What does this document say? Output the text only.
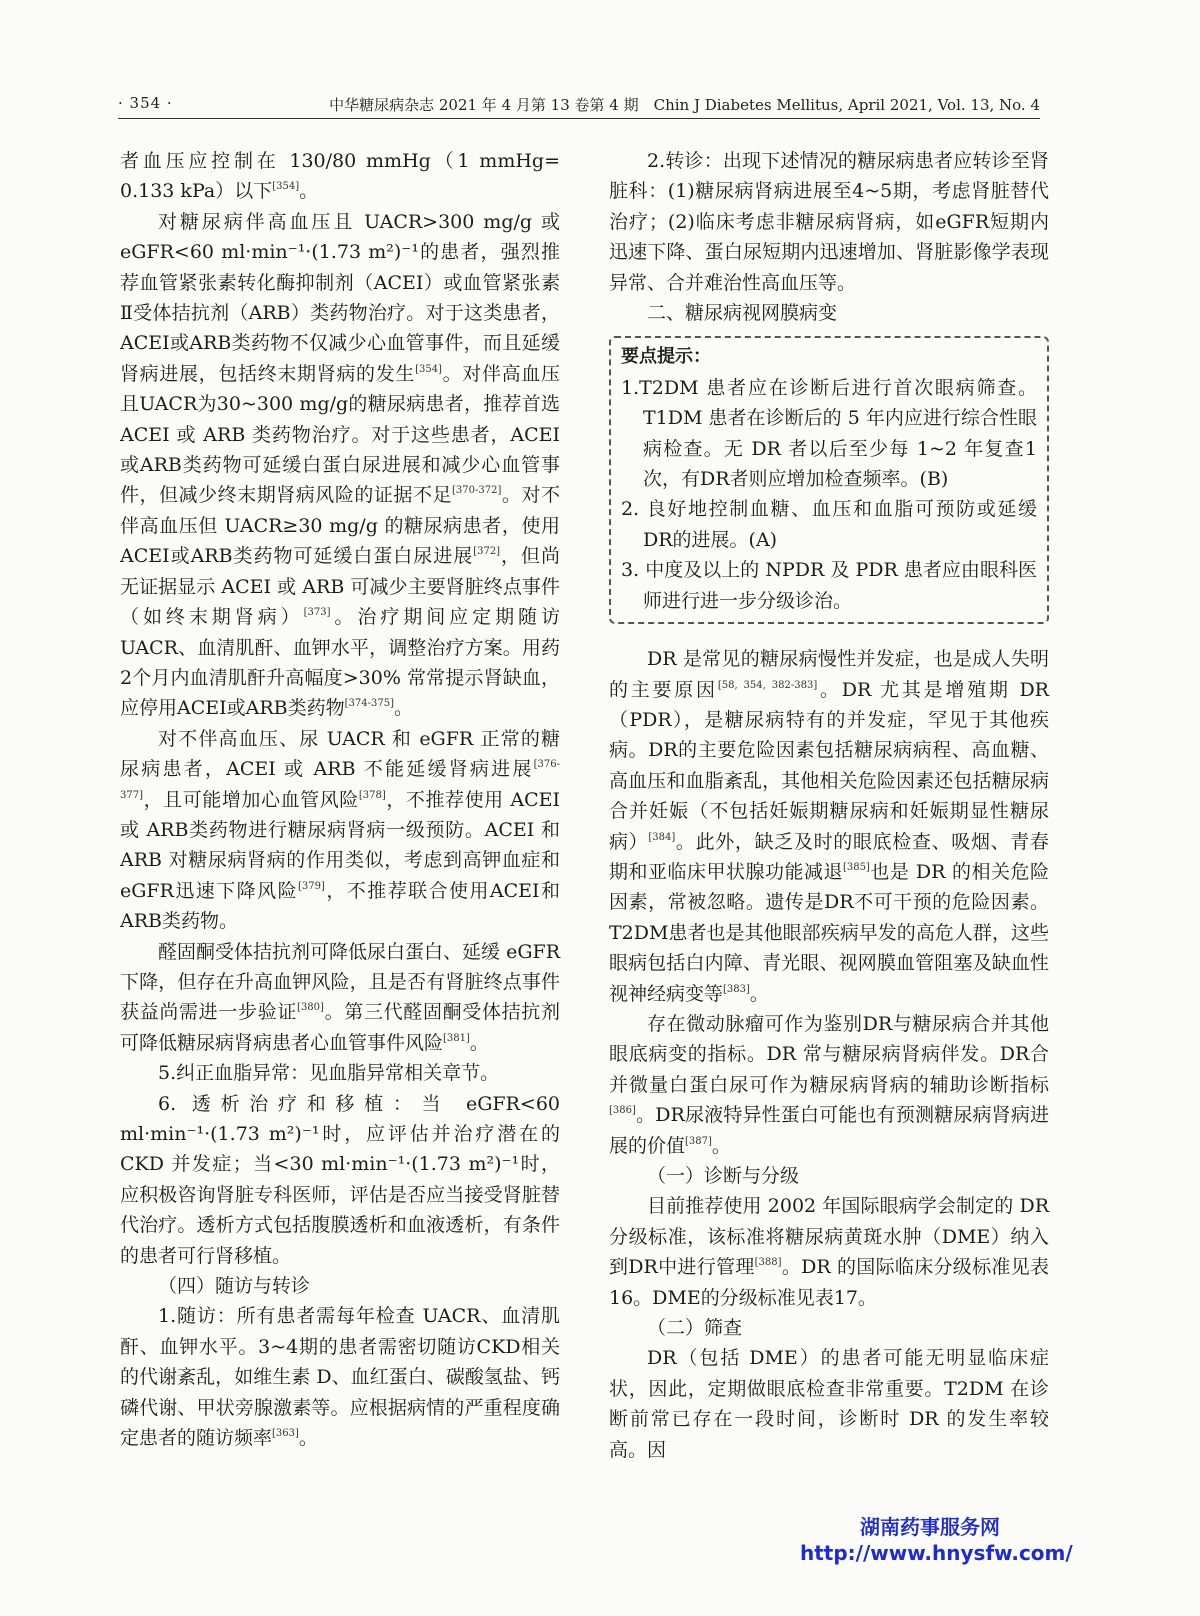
· 354 ·	中华糖尿病杂志 2021 年 4 月第 13 卷第 4 期　Chin J Diabetes Mellitus, April 2021, Vol. 13, No. 4

者血压应控制在 130/80 mmHg（1 mmHg= 0.133 kPa）以下[354]。

对糖尿病伴高血压且 UACR>300 mg/g 或 eGFR<60 ml·min⁻¹·(1.73 m²)⁻¹的患者，强烈推荐血管紧张素转化酶抑制剂（ACEI）或血管紧张素Ⅱ受体拮抗剂（ARB）类药物治疗。对于这类患者，ACEI或ARB类药物不仅减少心血管事件，而且延缓肾病进展，包括终末期肾病的发生[354]。对伴高血压且UACR为30~300 mg/g的糖尿病患者，推荐首选 ACEI 或 ARB 类药物治疗。对于这些患者，ACEI或ARB类药物可延缓白蛋白尿进展和减少心血管事件，但减少终末期肾病风险的证据不足[370-372]。对不伴高血压但 UACR≥30 mg/g 的糖尿病患者，使用ACEI或ARB类药物可延缓白蛋白尿进展[372]，但尚无证据显示 ACEI 或 ARB 可减少主要肾脏终点事件（如终末期肾病）[373]。治疗期间应定期随访 UACR、血清肌酐、血钾水平，调整治疗方案。用药2个月内血清肌酐升高幅度>30% 常常提示肾缺血，应停用ACEI或ARB类药物[374-375]。

对不伴高血压、尿 UACR 和 eGFR 正常的糖尿病患者，ACEI 或 ARB 不能延缓肾病进展[376-377]，且可能增加心血管风险[378]，不推荐使用 ACEI 或 ARB类药物进行糖尿病肾病一级预防。ACEI 和 ARB 对糖尿病肾病的作用类似，考虑到高钾血症和 eGFR迅速下降风险[379]，不推荐联合使用ACEI和ARB类药物。

醛固酮受体拮抗剂可降低尿白蛋白、延缓 eGFR下降，但存在升高血钾风险，且是否有肾脏终点事件获益尚需进一步验证[380]。第三代醛固酮受体拮抗剂可降低糖尿病肾病患者心血管事件风险[381]。

5.纠正血脂异常：见血脂异常相关章节。

6. 透析治疗和移植：当 eGFR<60 ml·min⁻¹·(1.73 m²)⁻¹时，应评估并治疗潜在的 CKD 并发症；当<30 ml·min⁻¹·(1.73 m²)⁻¹时，应积极咨询肾脏专科医师，评估是否应当接受肾脏替代治疗。透析方式包括腹膜透析和血液透析，有条件的患者可行肾移植。

（四）随访与转诊

1.随访：所有患者需每年检查 UACR、血清肌酐、血钾水平。3~4期的患者需密切随访CKD相关的代谢紊乱，如维生素 D、血红蛋白、碳酸氢盐、钙磷代谢、甲状旁腺激素等。应根据病情的严重程度确定患者的随访频率[363]。

2.转诊：出现下述情况的糖尿病患者应转诊至肾脏科：(1)糖尿病肾病进展至4~5期，考虑肾脏替代治疗；(2)临床考虑非糖尿病肾病，如eGFR短期内迅速下降、蛋白尿短期内迅速增加、肾脏影像学表现异常、合并难治性高血压等。

二、糖尿病视网膜病变

要点提示：
1.T2DM 患者应在诊断后进行首次眼病筛查。T1DM 患者在诊断后的 5 年内应进行综合性眼病检查。无 DR 者以后至少每 1~2 年复查1次，有DR者则应增加检查频率。(B)
2. 良好地控制血糖、血压和血脂可预防或延缓 DR的进展。(A)
3. 中度及以上的 NPDR 及 PDR 患者应由眼科医师进行进一步分级诊治。

DR 是常见的糖尿病慢性并发症，也是成人失明的主要原因[58, 354, 382-383]。DR 尤其是增殖期 DR（PDR），是糖尿病特有的并发症，罕见于其他疾病。DR的主要危险因素包括糖尿病病程、高血糖、高血压和血脂紊乱，其他相关危险因素还包括糖尿病合并妊娠（不包括妊娠期糖尿病和妊娠期显性糖尿病）[384]。此外，缺乏及时的眼底检查、吸烟、青春期和亚临床甲状腺功能减退[385]也是 DR 的相关危险因素，常被忽略。遗传是DR不可干预的危险因素。T2DM患者也是其他眼部疾病早发的高危人群，这些眼病包括白内障、青光眼、视网膜血管阻塞及缺血性视神经病变等[383]。

存在微动脉瘤可作为鉴别DR与糖尿病合并其他眼底病变的指标。DR 常与糖尿病肾病伴发。DR合并微量白蛋白尿可作为糖尿病肾病的辅助诊断指标[386]。DR尿液特异性蛋白可能也有预测糖尿病肾病进展的价值[387]。

（一）诊断与分级

目前推荐使用 2002 年国际眼病学会制定的 DR 分级标准，该标准将糖尿病黄斑水肿（DME）纳入到DR中进行管理[388]。DR 的国际临床分级标准见表16。DME的分级标准见表17。

（二）筛查

DR（包括 DME）的患者可能无明显临床症状，因此，定期做眼底检查非常重要。T2DM 在诊断前常已存在一段时间，诊断时 DR 的发生率较高。因

湖南药事服务网
http://www.hnysfw.com/
